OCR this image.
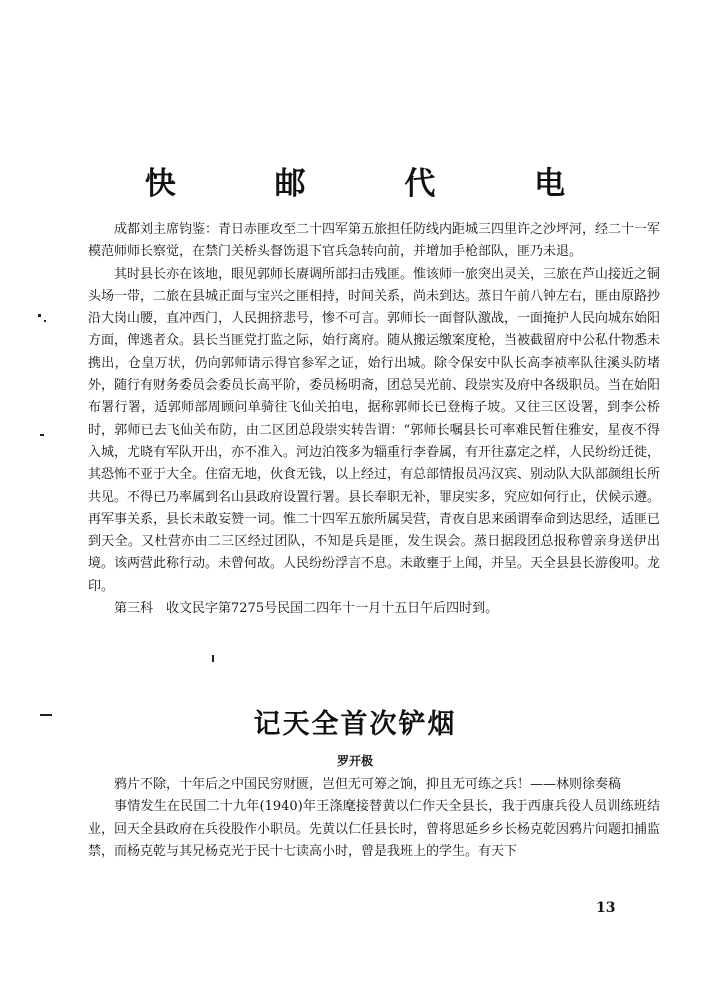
快 邮 代 电

成都刘主席钧鉴：青日赤匪攻至二十四军第五旅担任防线内距城三四里许之沙坪河，经二十一军模范师师长察觉，在禁门关桥头督饬退下官兵急转向前，并增加手枪部队，匪乃未退。

其时县长亦在该地，眼见郭师长赓调所部扫击残匪。惟该师一旅突出灵关，三旅在芦山接近之铜头场一带，二旅在县城正面与宝兴之匪相持，时间关系，尚未到达。蒸日午前八钟左右，匪由原路抄沿大岗山腰，直冲西门，人民拥挤悲号，惨不可言。郭师长一面督队激战，一面掩护人民向城东始阳方面，俾逃者众。县长当匪党打监之际，始行离府。随从搬运缴案度枪，当被截留府中公私什物悉未携出，仓皇万状，仍向郭师请示得官参军之证，始行出城。除令保安中队长高李祯率队往溪头防堵外，随行有财务委员会委员长高平阶，委员杨明斋，团总吴光前、段崇实及府中各级职员。当在始阳布署行署，适郭师部周顾问单骑往飞仙关拍电，据称郭师长已登梅子坡。又往三区设署，到李公桥时，郭师已去飞仙关布防，由二区团总段崇实转告谓：“郭师长嘱县长可率难民暂住雅安，星夜不得入城，尤晓有军队开出，亦不准入。河边泊筏多为辎重行李眷属，有开往嘉定之样，人民纷纷迁徙，其恐怖不亚于大全。住宿无地，伙食无钱，以上经过，有总部情报员冯汉宾、别动队大队部颜组长所共见。不得已乃率属到名山县政府设置行署。县长奉职无补，罪戾实多，究应如何行止，伏候示遵。再军事关系，县长未敢妄赞一词。惟二十四军五旅所属吴营，青夜自思来函谓奉命到达思经，适匪已到天全。又杜营亦由二三区经过团队，不知是兵是匪，发生误会。蒸日据段团总报称曾亲身送伊出境。该两营此称行动。未曾何故。人民纷纷浮言不息。未敢壅于上闻，并呈。天全县县长游俊叩。龙印。

第三科　收文民字第7275号民国二四年十一月十五日午后四时到。

记天全首次铲烟
罗开极

鸦片不除，十年后之中国民穷财匮，岂但无可筹之饷，抑且无可练之兵！——林则徐奏稿

事情发生在民国二十九年(1940)年王涤麾接替黄以仁作天全县长，我于西康兵役人员训练班结业，回天全县政府在兵役股作小职员。先黄以仁任县长时，曾将思延乡乡长杨克乾因鸦片问题扣捕监禁，而杨克乾与其兄杨克光于民十七读高小时，曾是我班上的学生。有天下

13
